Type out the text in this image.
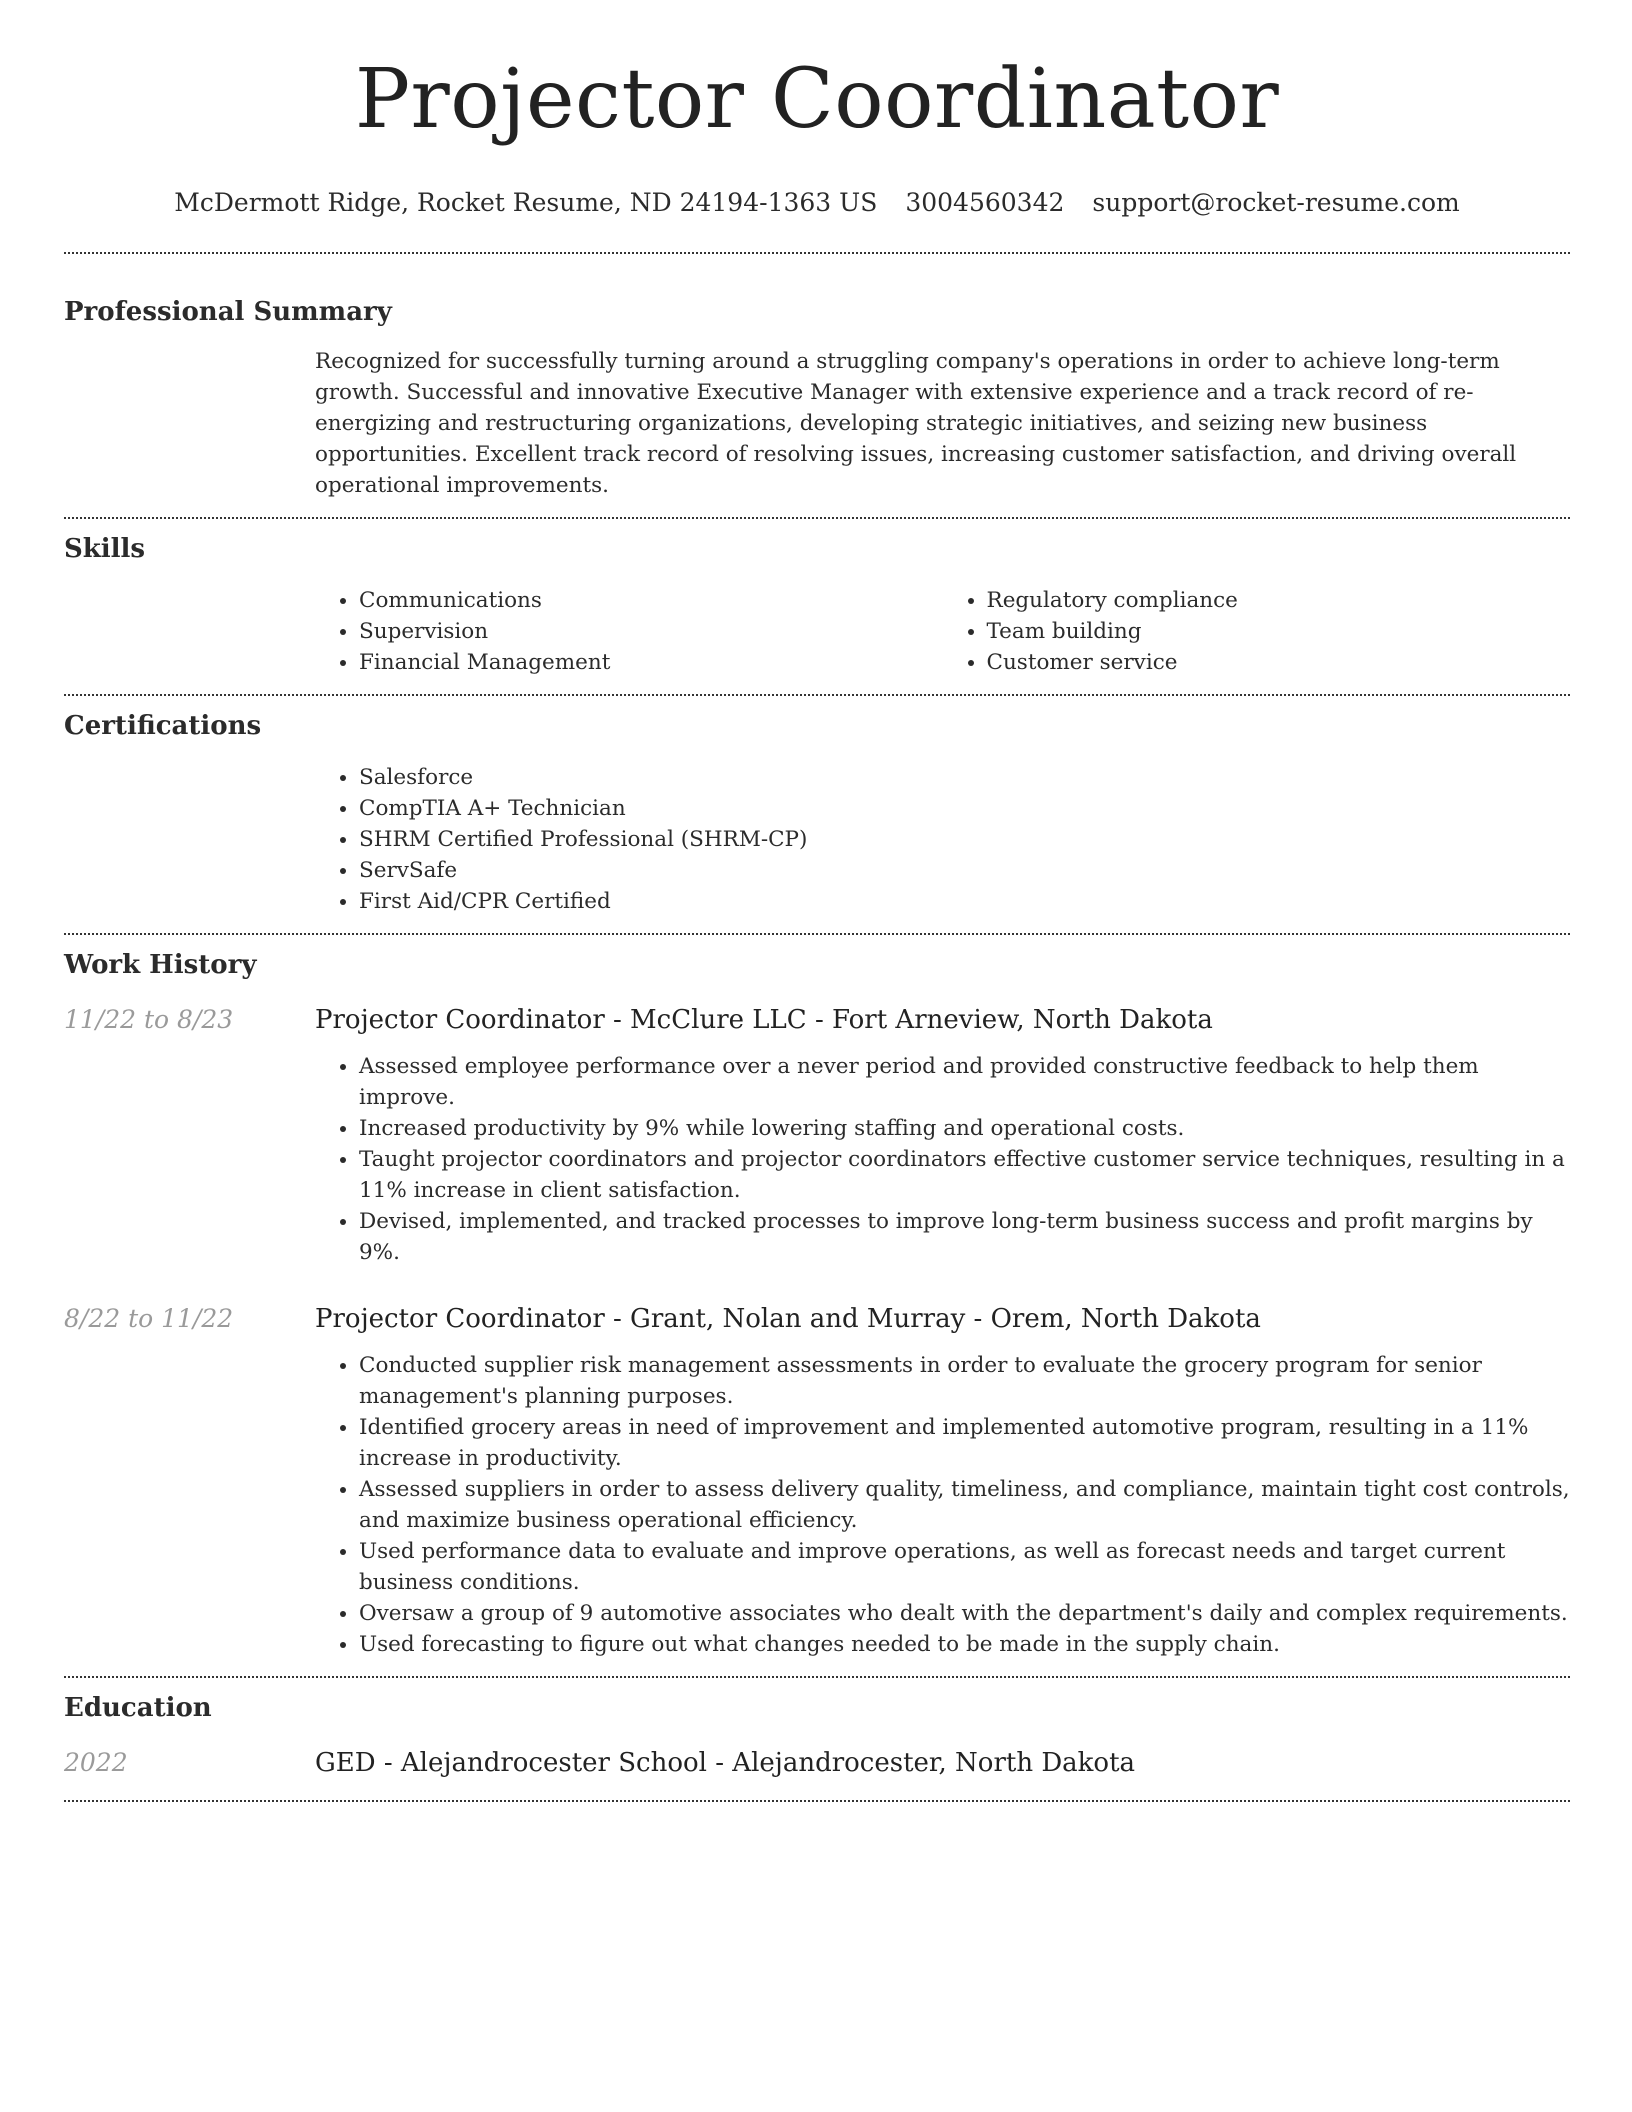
Projector Coordinator
McDermott Ridge, Rocket Resume, ND 24194-1363 US 3004560342 support@rocket-resume.com
Professional Summary
Recognized for successfully turning around a struggling company's operations in order to achieve long-term growth. Successful and innovative Executive Manager with extensive experience and a track record of re-energizing and restructuring organizations, developing strategic initiatives, and seizing new business opportunities. Excellent track record of resolving issues, increasing customer satisfaction, and driving overall operational improvements.
Skills
• Communications
• Supervision
• Financial Management
• Regulatory compliance
• Team building
• Customer service
Certifications
• Salesforce
• CompTIA A+ Technician
• SHRM Certified Professional (SHRM-CP)
• ServSafe
• First Aid/CPR Certified
Work History
11/22 to 8/23	Projector Coordinator - McClure LLC - Fort Arneview, North Dakota
• Assessed employee performance over a never period and provided constructive feedback to help them improve.
• Increased productivity by 9% while lowering staffing and operational costs.
• Taught projector coordinators and projector coordinators effective customer service techniques, resulting in a 11% increase in client satisfaction.
• Devised, implemented, and tracked processes to improve long-term business success and profit margins by 9%.
8/22 to 11/22	Projector Coordinator - Grant, Nolan and Murray - Orem, North Dakota
• Conducted supplier risk management assessments in order to evaluate the grocery program for senior management's planning purposes.
• Identified grocery areas in need of improvement and implemented automotive program, resulting in a 11% increase in productivity.
• Assessed suppliers in order to assess delivery quality, timeliness, and compliance, maintain tight cost controls, and maximize business operational efficiency.
• Used performance data to evaluate and improve operations, as well as forecast needs and target current business conditions.
• Oversaw a group of 9 automotive associates who dealt with the department's daily and complex requirements.
• Used forecasting to figure out what changes needed to be made in the supply chain.
Education
2022	GED - Alejandrocester School - Alejandrocester, North Dakota
